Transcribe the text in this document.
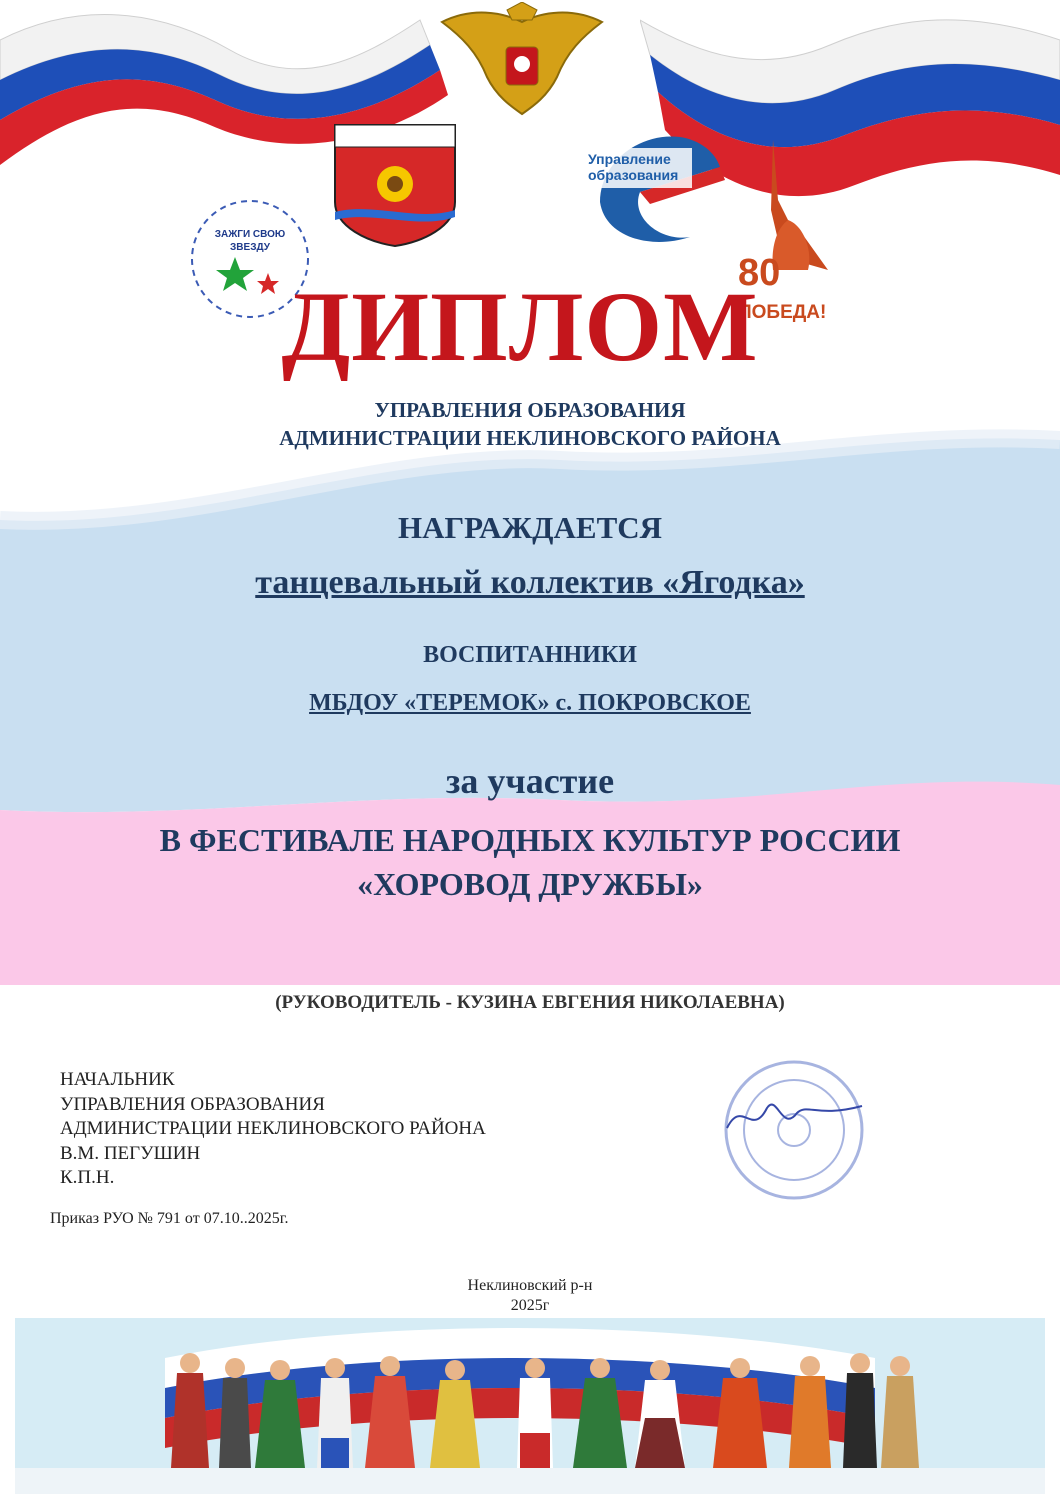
ЗАЖГИ СВОЮ
ЗВЕЗДУ
Управление
образования
80
ПОБЕДА!
ДИПЛОМ
УПРАВЛЕНИЯ ОБРАЗОВАНИЯ
АДМИНИСТРАЦИИ НЕКЛИНОВСКОГО РАЙОНА
НАГРАЖДАЕТСЯ
танцевальный коллектив «Ягодка»
ВОСПИТАННИКИ
МБДОУ «ТЕРЕМОК» с. ПОКРОВСКОЕ
за участие
В ФЕСТИВАЛЕ НАРОДНЫХ КУЛЬТУР РОССИИ
«ХОРОВОД ДРУЖБЫ»
(РУКОВОДИТЕЛЬ - КУЗИНА ЕВГЕНИЯ НИКОЛАЕВНА)
НАЧАЛЬНИК
УПРАВЛЕНИЯ ОБРАЗОВАНИЯ
АДМИНИСТРАЦИИ НЕКЛИНОВСКОГО РАЙОНА
В.М. ПЕГУШИН
К.П.Н.
Приказ РУО № 791 от 07.10..2025г.
Неклиновский р-н
2025г
